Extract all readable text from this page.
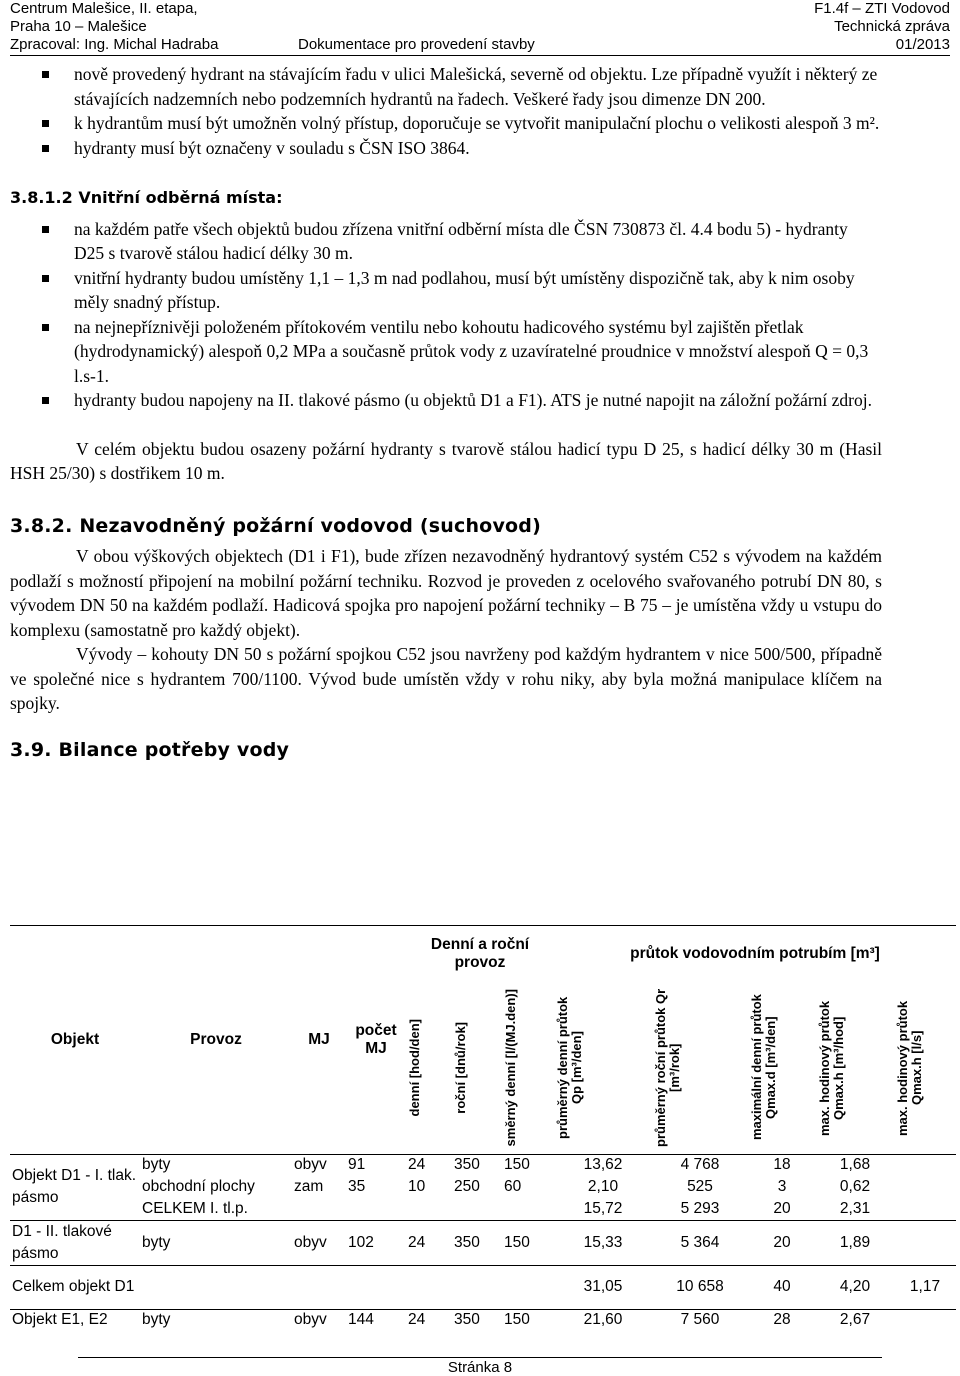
Centrum Malešice, II. etapa,	F1.4f – ZTI Vodovod
Praha 10 – Malešice	Technická zpráva
Zpracoval: Ing. Michal Hadraba	Dokumentace pro provedení stavby	01/2013
nově provedený hydrant na stávajícím řadu v ulici Malešická, severně od objektu. Lze případně využít i některý ze stávajících nadzemních nebo podzemních hydrantů na řadech. Veškeré řady jsou dimenze DN 200.
k hydrantům musí být umožněn volný přístup, doporučuje se vytvořit manipulační plochu o velikosti alespoň 3 m².
hydranty musí být označeny v souladu s ČSN ISO 3864.
3.8.1.2 Vnitřní odběrná místa:
na každém patře všech objektů budou zřízena vnitřní odběrní místa dle ČSN 730873 čl. 4.4 bodu 5) - hydranty D25 s tvarově stálou hadicí délky 30 m.
vnitřní hydranty budou umístěny 1,1 – 1,3 m nad podlahou, musí být umístěny dispozičně tak, aby k nim osoby měly snadný přístup.
na nejnepříznivěji položeném přítokovém ventilu nebo kohoutu hadicového systému byl zajištěn přetlak (hydrodynamický) alespoň 0,2 MPa a současně průtok vody z uzavíratelné proudnice v množství alespoň Q = 0,3 l.s-1.
hydranty budou napojeny na II. tlakové pásmo (u objektů D1 a F1). ATS je nutné napojit na záložní požární zdroj.

V celém objektu budou osazeny požární hydranty s tvarově stálou hadicí typu D 25, s hadicí délky 30 m (Hasil HSH 25/30) s dostřikem 10 m.

3.8.2. Nezavodněný požární vodovod (suchovod)

V obou výškových objektech (D1 i F1), bude zřízen nezavodněný hydrantový systém C52 s vývodem na každém podlaží s možností připojení na mobilní požární techniku. Rozvod je proveden z ocelového svařovaného potrubí DN 80, s vývodem DN 50 na každém podlaží. Hadicová spojka pro napojení požární techniky – B 75 – je umístěna vždy u vstupu do komplexu (samostatně pro každý objekt).

Vývody – kohouty DN 50 s požární spojkou C52 jsou navrženy pod každým hydrantem v nice 500/500, případně ve společné nice s hydrantem 700/1100. Vývod bude umístěn vždy v rohu niky, aby byla možná manipulace klíčem na spojky.

3.9. Bilance potřeby vody

Objekt	Provoz	MJ	počet MJ	Denní a roční provoz			průtok vodovodním potrubím [m³]				

				denní [hod/den]	roční [dnů/rok]	směrný denní [l/(MJ.den)]	průměrný denní průtok Qp [m³/den]	průměrný roční průtok Qr [m³/rok]	maximální denní průtok Qmax.d [m³/den]	max. hodinový průtok Qmax.h [m³/hod]	max. hodinový průtok Qmax.h [l/s]

Objekt D1 - I. tlak. pásmo	byty	obyv	91	24	350	150	13,62	4 768	18	1,68	
	obchodní plochy	zam	35	10	250	60	2,10	525	3	0,62	
	CELKEM I. tl.p.						15,72	5 293	20	2,31	
D1 - II. tlakové pásmo	byty	obyv	102	24	350	150	15,33	5 364	20	1,89	
Celkem objekt D1							31,05	10 658	40	4,20	1,17
Objekt E1, E2	byty	obyv	144	24	350	150	21,60	7 560	28	2,67	
Stránka 8
